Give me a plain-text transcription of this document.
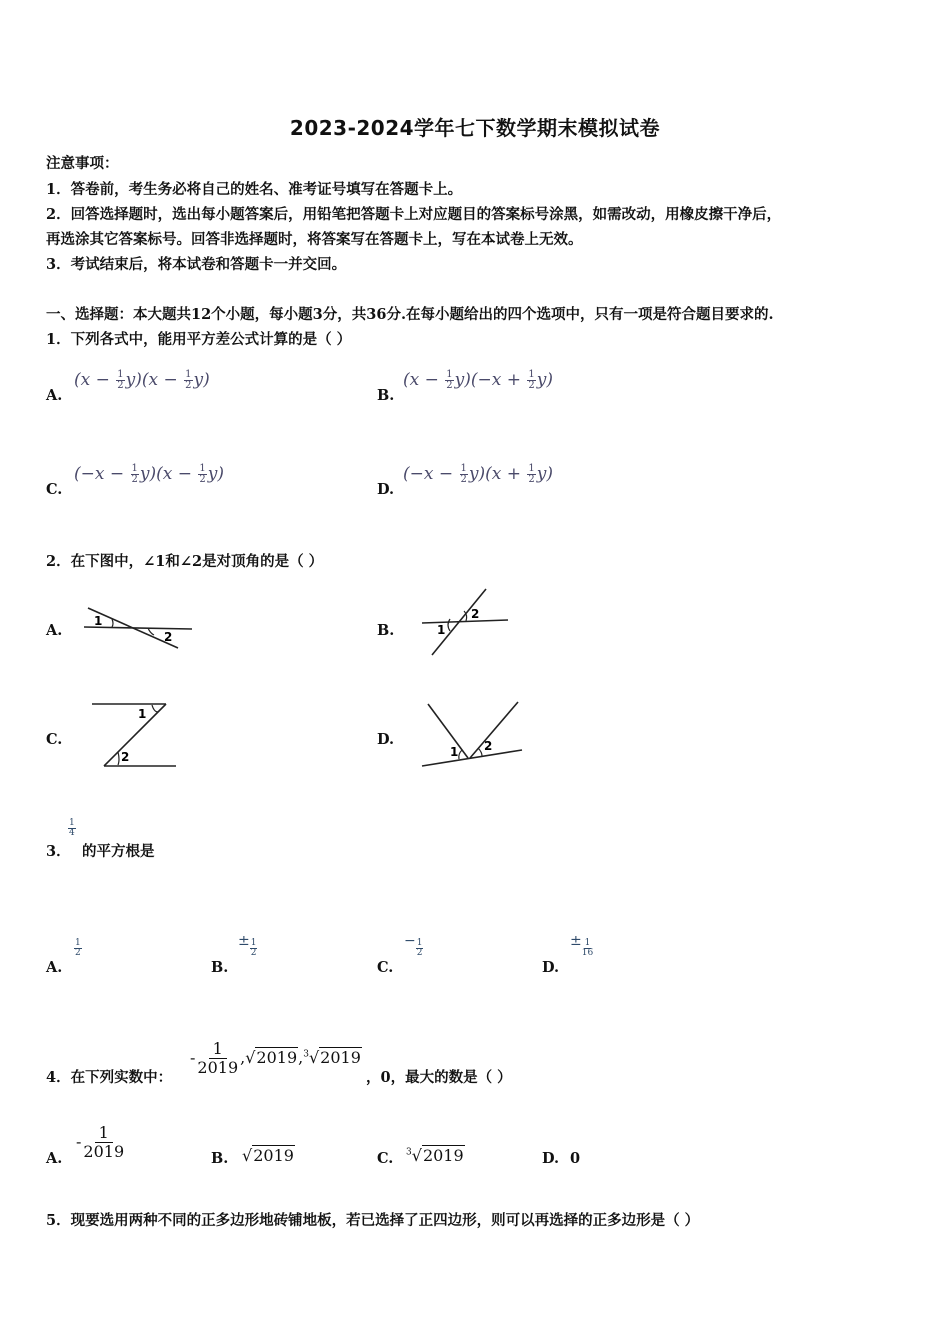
2023-2024学年七下数学期末模拟试卷
注意事项：
1．答卷前，考生务必将自己的姓名、准考证号填写在答题卡上。
2．回答选择题时，选出每小题答案后，用铅笔把答题卡上对应题目的答案标号涂黑，如需改动，用橡皮擦干净后，
再选涂其它答案标号。回答非选择题时，将答案写在答题卡上，写在本试卷上无效。
3．考试结束后，将本试卷和答题卡一并交回。
一、选择题：本大题共12个小题，每小题3分，共36分.在每小题给出的四个选项中，只有一项是符合题目要求的.
1．下列各式中，能用平方差公式计算的是（ ）
A.
$(x - \frac{1}{2} y)(x - \frac{1}{2} y)$
B.
$(x - \frac{1}{2} y)(-x + \frac{1}{2} y)$
C.
$(-x - \frac{1}{2} y)(x - \frac{1}{2} y)$
D.
$(-x - \frac{1}{2} y)(x + \frac{1}{2} y)$
2．在下图中，∠1和∠2是对顶角的是（ ）
A.
1
2	B.	1
2
C.
1
2
D.
1 2
$\frac{1}{4}$
3． 的平方根是
A.
$\frac{1}{2}$
B.
± $\frac{1}{2}$
C.
− $\frac{1}{2}$
D.
± $\frac{1}{16}$
4．在下列实数中：
- $\frac{1}{2019} ,√2019,^3√2019$
，0，最大的数是（ ）
A.
- $\frac{1}{2019}$	B. √2019	C. $^3$√2019	D. 0
5．现要选用两种不同的正多边形地砖铺地板，若已选择了正四边形，则可以再选择的正多边形是（ ）
